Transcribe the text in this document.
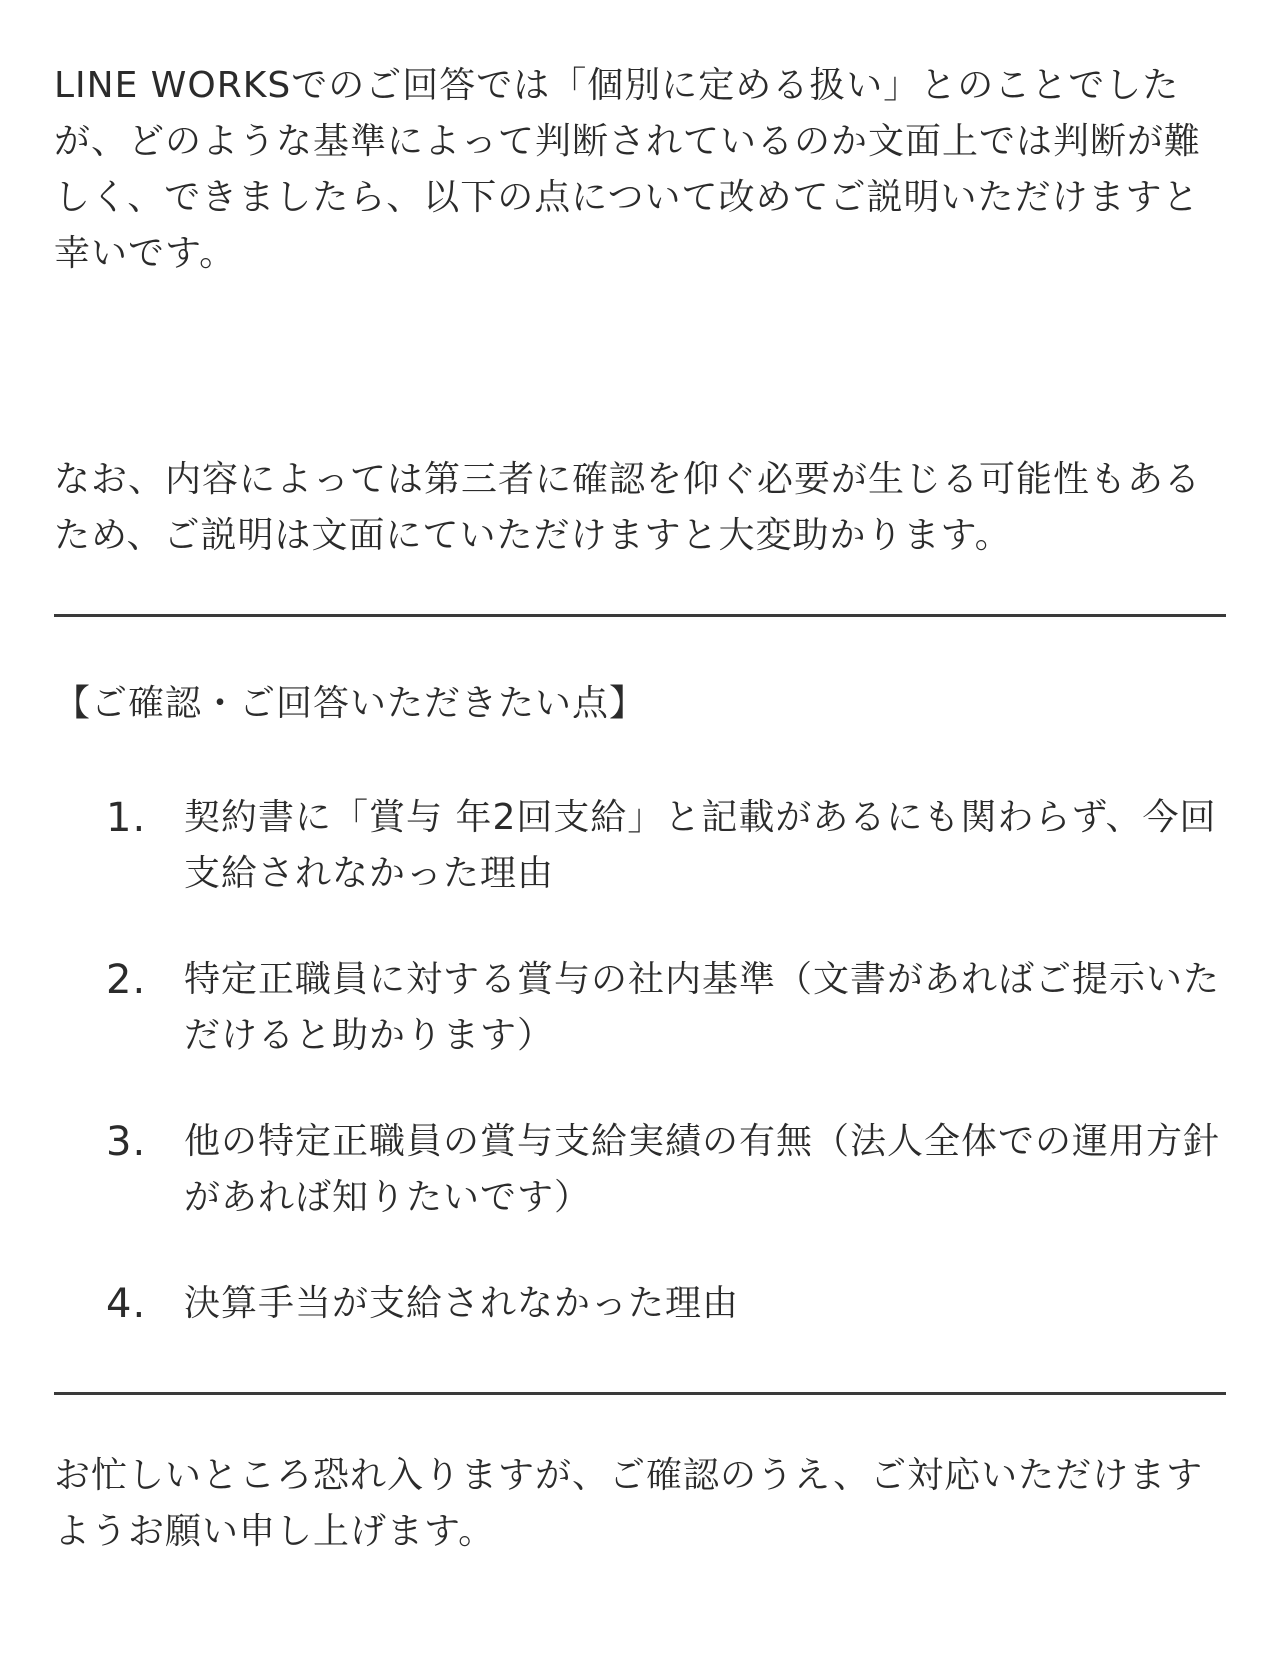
LINE WORKSでのご回答では「個別に定める扱い」とのことでしたが、どのような基準によって判断されているのか文面上では判断が難しく、できましたら、以下の点について改めてご説明いただけますと幸いです。

なお、内容によっては第三者に確認を仰ぐ必要が生じる可能性もあるため、ご説明は文面にていただけますと大変助かります。

【ご確認・ご回答いただきたい点】

1. 契約書に「賞与 年2回支給」と記載があるにも関わらず、今回支給されなかった理由
2. 特定正職員に対する賞与の社内基準（文書があればご提示いただけると助かります）
3. 他の特定正職員の賞与支給実績の有無（法人全体での運用方針があれば知りたいです）
4. 決算手当が支給されなかった理由

お忙しいところ恐れ入りますが、ご確認のうえ、ご対応いただけますようお願い申し上げます。
